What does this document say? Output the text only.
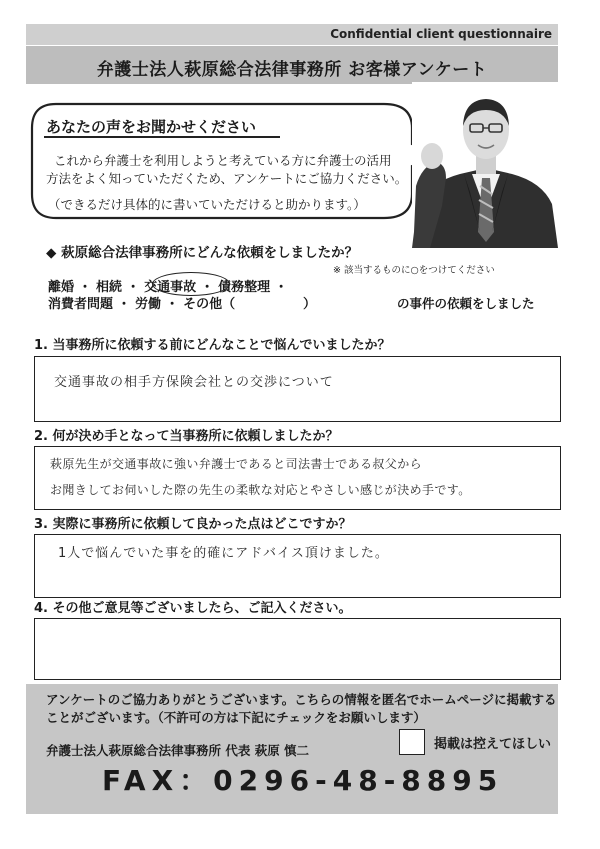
Confidential client questionnaire
弁護士法人萩原総合法律事務所 お客様アンケート
あなたの声をお聞かせください
これから弁護士を利用しようと考えている方に弁護士の活用
方法をよく知っていただくため、アンケートにご協力ください。
（できるだけ具体的に書いていただけると助かります。）
◆ 萩原総合法律事務所にどんな依頼をしましたか？
※ 該当するものに○をつけてください
離婚 ・ 相続 ・ 交通事故 ・ 債務整理 ・
消費者問題 ・ 労働 ・ その他（               ）	の事件の依頼をしました
1. 当事務所に依頼する前にどんなことで悩んでいましたか？
交通事故の相手方保険会社との交渉について
2. 何が決め手となって当事務所に依頼しましたか？
萩原先生が交通事故に強い弁護士であると司法書士である叔父から
お聞きしてお伺いした際の先生の柔軟な対応とやさしい感じが決め手です。
3. 実際に事務所に依頼して良かった点はどこですか？
1人で悩んでいた事を的確にアドバイス頂けました。
4. その他ご意見等ございましたら、ご記入ください。
アンケートのご協力ありがとうございます。こちらの情報を匿名でホームページに掲載する
ことがございます。（不許可の方は下記にチェックをお願いします）
弁護士法人萩原総合法律事務所 代表 萩原 慎二	掲載は控えてほしい
FAX：0296-48-8895
